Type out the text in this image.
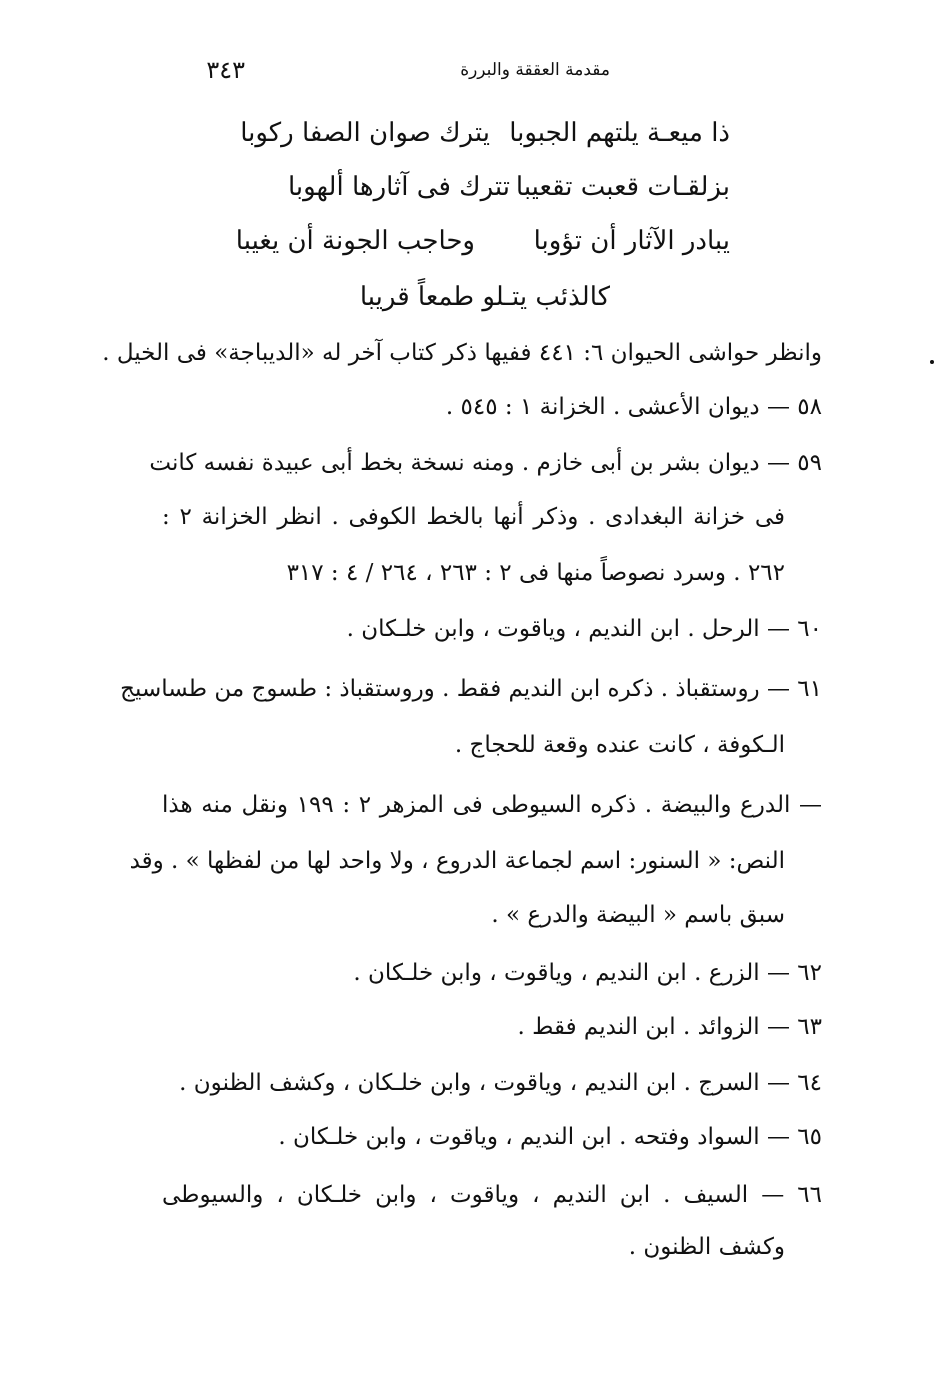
مقدمة العققة والبررة
٣٤٣
ذا ميعـة يلتهم الجبوبا
يترك صوان الصفا ركوبا
بزلقـات قعبت تقعيبا
تترك فى آثارها ألهوبا
يبادر الآثار أن تؤوبا
وحاجب الجونة أن يغيبا
كالذئب يتـلو طمعاً قريبا
وانظر حواشى الحيوان ٦: ٤٤١ ففيها ذكر كتاب آخر له «الديباجة» فى الخيل .
٥٨ — ديوان الأعشى . الخزانة ١ : ٥٤٥ .
٥٩ — ديوان بشر بن أبى خازم . ومنه نسخة بخط أبى عبيدة نفسه كانت
فى خزانة البغدادى . وذكر أنها بالخط الكوفى . انظر الخزانة ٢ :
٢٦٢ . وسرد نصوصاً منها فى ٢ : ٢٦٣ ، ٢٦٤ / ٤ : ٣١٧
٦٠ — الرحل . ابن النديم ، وياقوت ، وابن خلـكان .
٦١ — روستقباذ . ذكره ابن النديم فقط . وروستقباذ : طسوج من طساسيج
الـكوفة ، كانت عنده وقعة للحجاج .
— الدرع والبيضة . ذكره السيوطى فى المزهر ٢ : ١٩٩ ونقل منه هذا
النص: « السنور: اسم لجماعة الدروع ، ولا واحد لها من لفظها » . وقد
سبق باسم « البيضة والدرع » .
٦٢ — الزرع . ابن النديم ، وياقوت ، وابن خلـكان .
٦٣ — الزوائد . ابن النديم فقط .
٦٤ — السرج . ابن النديم ، وياقوت ، وابن خلـكان ، وكشف الظنون .
٦٥ — السواد وفتحه . ابن النديم ، وياقوت ، وابن خلـكان .
٦٦ — السيف . ابن النديم ، وياقوت ، وابن خلـكان ، والسيوطى
وكشف الظنون .
